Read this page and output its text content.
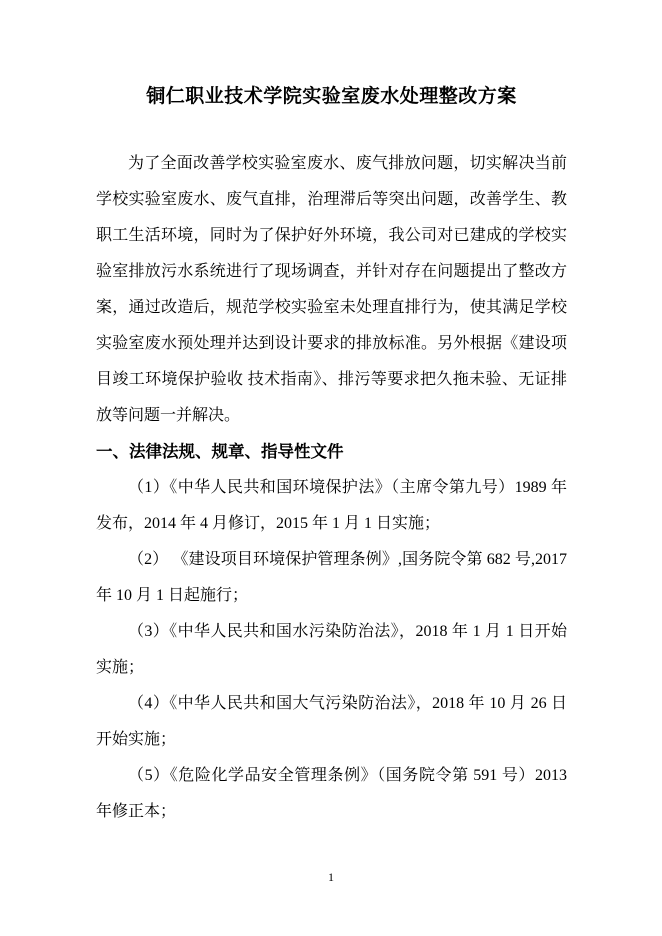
铜仁职业技术学院实验室废水处理整改方案

为了全面改善学校实验室废水、废气排放问题，切实解决当前学校实验室废水、废气直排，治理滞后等突出问题，改善学生、教职工生活环境，同时为了保护好外环境，我公司对已建成的学校实验室排放污水系统进行了现场调查，并针对存在问题提出了整改方案，通过改造后，规范学校实验室未处理直排行为，使其满足学校实验室废水预处理并达到设计要求的排放标准。另外根据《建设项目竣工环境保护验收 技术指南》、排污等要求把久拖未验、无证排放等问题一并解决。

一、法律法规、规章、指导性文件

（1）《中华人民共和国环境保护法》（主席令第九号）1989 年发布，2014 年 4 月修订，2015 年 1 月 1 日实施；

（2） 《建设项目环境保护管理条例》,国务院令第 682 号,2017 年 10 月 1 日起施行；

（3）《中华人民共和国水污染防治法》，2018 年 1 月 1 日开始实施；

（4）《中华人民共和国大气污染防治法》，2018 年 10 月 26 日开始实施；

（5）《危险化学品安全管理条例》（国务院令第 591 号）2013 年修正本；

1
